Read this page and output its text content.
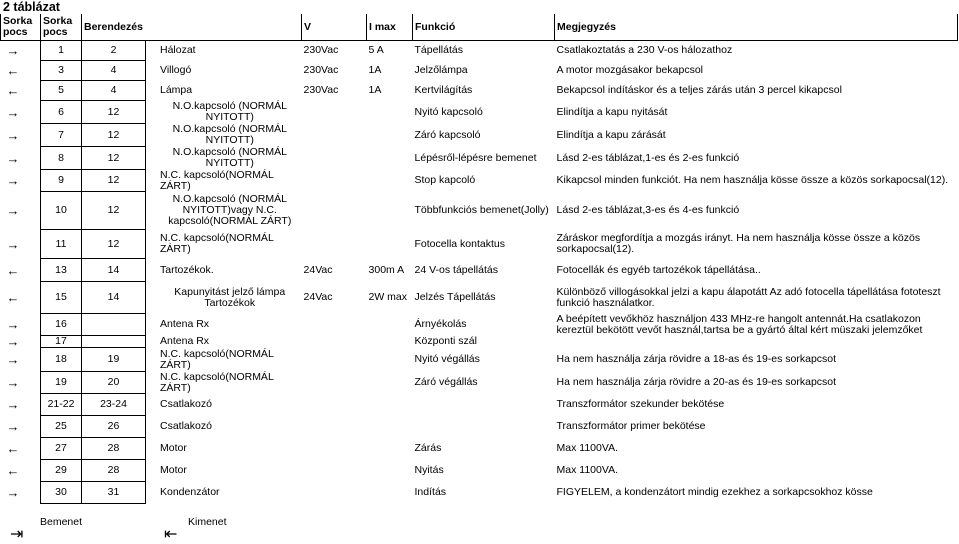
2 táblázat
Sorka pocs	Sorka pocs	Berendezés		V	I max	Funkció	Megjegyzés
→	1	2	Hálozat	230Vac	5 A	Tápellátás	Csatlakoztatás a 230 V-os hálozathoz
←	3	4	Villogó	230Vac	1A	Jelzőlámpa	A motor mozgásakor bekapcsol
←	5	4	Lámpa	230Vac	1A	Kertvilágítás	Bekapcsol indításkor és a teljes zárás után 3 percel kikapcsol
→	6	12	N.O.kapcsoló (NORMÁL NYITOTT)			Nyitó kapcsoló	Elindítja a kapu nyitását
→	7	12	N.O.kapcsoló (NORMÁL NYITOTT)			Záró kapcsoló	Elindítja a kapu zárását
→	8	12	N.O.kapcsoló (NORMÁL NYITOTT)			Lépésről-lépésre bemenet	Lásd 2-es táblázat,1-es és 2-es funkció
→	9	12	N.C. kapcsoló(NORMÁL ZÁRT)			Stop kapcoló	Kikapcsol minden funkciót. Ha nem használja kösse össze a közös sorkapocsal(12).
→	10	12	N.O.kapcsoló (NORMÁL NYITOTT)vagy N.C. kapcsoló(NORMÁL ZÁRT)			Többfunkciós bemenet(Jolly)	Lásd 2-es táblázat,3-es és 4-es funkció
→	11	12	N.C. kapcsoló(NORMÁL ZÁRT)			Fotocella kontaktus	Záráskor megfordítja a mozgás irányt. Ha nem használja kösse össze a közös sorkapocsal(12).
←	13	14	Tartozékok.	24Vac	300m A	24 V-os tápellátás	Fotocellák és egyéb tartozékok tápellátása..
←	15	14	Kapunyitást jelző lámpa Tartozékok	24Vac	2W max	Jelzés Tápellátás	Különböző villogásokkal jelzi a kapu álapotátt Az adó fotocella tápellátása fototeszt funkció használatkor.
→	16		Antena Rx			Árnyékolás	A beépített vevőkhöz használjon 433 MHz-re hangolt antennát.Ha csatlakozon kereztül bekötött vevőt használ,tartsa be a gyártó által kért müszaki jelemzőket
→	17		Antena Rx			Központi szál	
→	18	19	N.C. kapcsoló(NORMÁL ZÁRT)			Nyitó végállás	Ha nem használja zárja rövidre a 18-as és 19-es sorkapcsot
→	19	20	N.C. kapcsoló(NORMÁL ZÁRT)			Záró végállás	Ha nem használja zárja rövidre a 20-as és 19-es sorkapcsot
→	21-22	23-24	Csatlakozó				Transzformátor szekunder bekötése
→	25	26	Csatlakozó				Transzformátor primer bekötése
←	27	28	Motor			Zárás	Max 1100VA.
←	29	28	Motor			Nyitás	Max 1100VA.
→	30	31	Kondenzátor			Indítás	FIGYELEM, a kondenzátort mindig ezekhez a sorkapcsokhoz kösse
⇥
Bemenet
⇤
Kimenet
